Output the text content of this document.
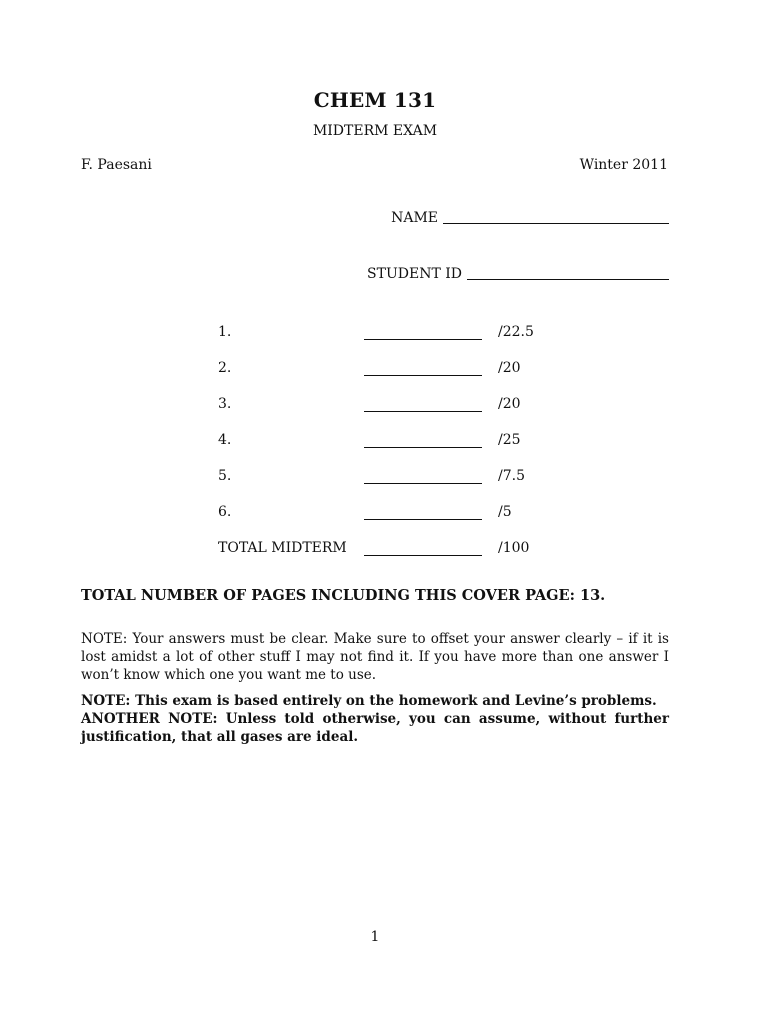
CHEM 131
MIDTERM EXAM
F. Paesani	Winter 2011
NAME
STUDENT ID
1.	/22.5
2.	/20
3.	/20
4.	/25
5.	/7.5
6.	/5
TOTAL MIDTERM	/100
TOTAL NUMBER OF PAGES INCLUDING THIS COVER PAGE: 13.
NOTE: Your answers must be clear. Make sure to offset your answer clearly – if it is lost amidst a lot of other stuff I may not find it. If you have more than one answer I won’t know which one you want me to use.
NOTE: This exam is based entirely on the homework and Levine’s problems.
ANOTHER NOTE: Unless told otherwise, you can assume, without further justification, that all gases are ideal.
1
